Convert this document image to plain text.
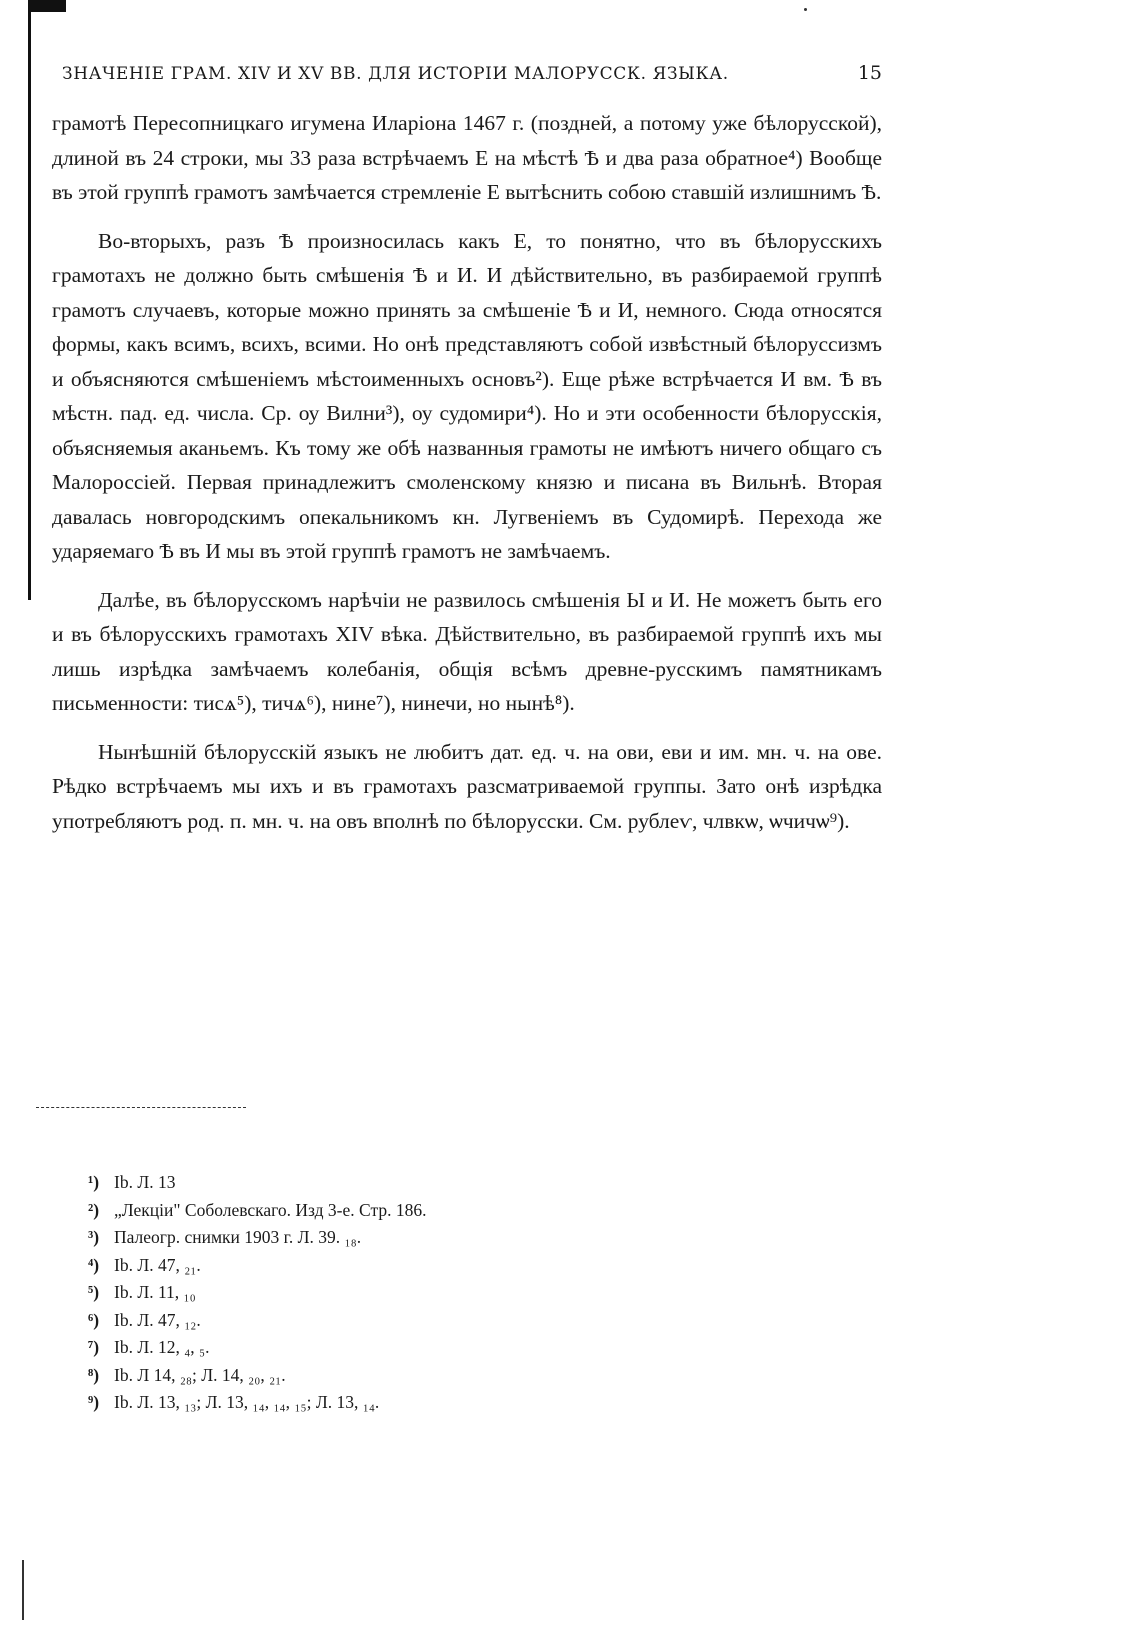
ЗНАЧЕНІЕ ГРАМ. XIV И XV ВВ. ДЛЯ ИСТОРІИ МАЛОРУССК. ЯЗЫКА.	15

грамотѣ Пересопницкаго игумена Иларіона 1467 г. (поздней, а потому уже бѣлорусской), длиной въ 24 строки, мы 33 раза встрѣчаемъ Е на мѣстѣ Ѣ и два раза обратное⁴) Вообще въ этой группѣ грамотъ замѣчается стремленіе Е вытѣснить собою ставшій излишнимъ Ѣ.

Во-вторыхъ, разъ Ѣ произносилась какъ Е, то понятно, что въ бѣлорусскихъ грамотахъ не должно быть смѣшенія Ѣ и И. И дѣйствительно, въ разбираемой группѣ грамотъ случаевъ, которые можно принять за смѣшеніе Ѣ и И, немного. Сюда относятся формы, какъ всимъ, всихъ, всими. Но онѣ представляютъ собой извѣстный бѣлоруссизмъ и объясняются смѣшеніемъ мѣстоименныхъ основъ²). Еще рѣже встрѣчается И вм. Ѣ въ мѣстн. пад. ед. числа. Ср. оу Вилни³), оу судомири⁴). Но и эти особенности бѣлорусскія, объясняемыя аканьемъ. Къ тому же обѣ названныя грамоты не имѣютъ ничего общаго съ Малороссіей. Первая принадлежитъ смоленскому князю и писана въ Вильнѣ. Вторая давалась новгородскимъ опекальникомъ кн. Лугвеніемъ въ Судомирѣ. Перехода же ударяемаго Ѣ въ И мы въ этой группѣ грамотъ не замѣчаемъ.

Далѣе, въ бѣлорусскомъ нарѣчіи не развилось смѣшенія Ы и И. Не можетъ быть его и въ бѣлорусскихъ грамотахъ XIV вѣка. Дѣйствительно, въ разбираемой группѣ ихъ мы лишь изрѣдка замѣчаемъ колебанія, общія всѣмъ древне-русскимъ памятникамъ письменности: тисѧ⁵), тичѧ⁶), нине⁷), нинечи, но нынѣ⁸).

Нынѣшній бѣлорусскій языкъ не любитъ дат. ед. ч. на ови, еви и им. мн. ч. на ове. Рѣдко встрѣчаемъ мы ихъ и въ грамотахъ разсматриваемой группы. Зато онѣ изрѣдка употребляютъ род. п. мн. ч. на овъ вполнѣ по бѣлорусски. См. рублеѵ, члвкѡ, ѡчичѡ⁹).

¹) Ib. Л. 13
²) „Лекціи" Соболевскаго. Изд 3-е. Стр. 186.
³) Палеогр. снимки 1903 г. Л. 39. ₁₈.
⁴) Ib. Л. 47, ₂₁.
⁵) Ib. Л. 11, ₁₀
⁶) Ib. Л. 47, ₁₂.
⁷) Ib. Л. 12, ₄, ₅.
⁸) Ib. Л 14, ₂₈; Л. 14, ₂₀, ₂₁.
⁹) Ib. Л. 13, ₁₃; Л. 13, ₁₄, ₁₄, ₁₅; Л. 13, ₁₄.
